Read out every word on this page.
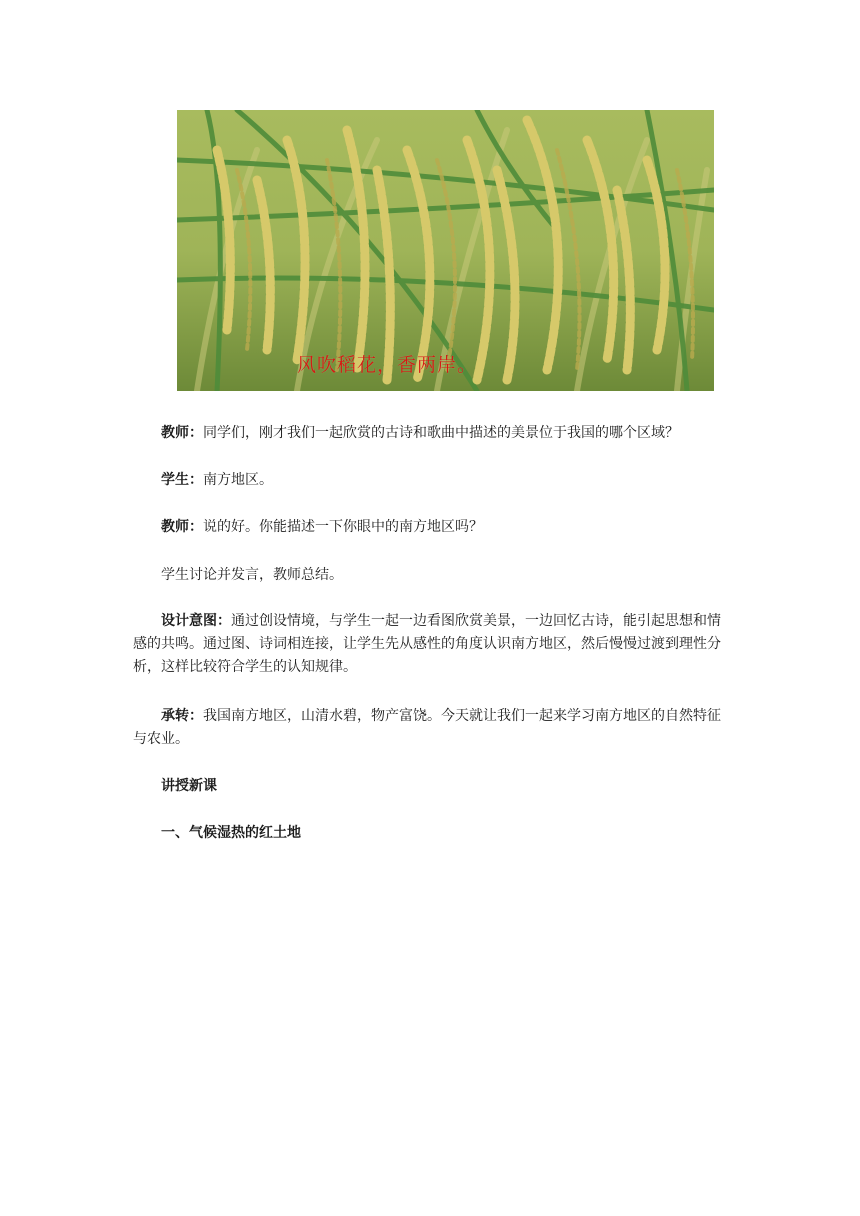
风吹稻花，香两岸。

教师：同学们，刚才我们一起欣赏的古诗和歌曲中描述的美景位于我国的哪个区域？

学生：南方地区。

教师：说的好。你能描述一下你眼中的南方地区吗？

学生讨论并发言，教师总结。

设计意图：通过创设情境，与学生一起一边看图欣赏美景，一边回忆古诗，能引起思想和情感的共鸣。通过图、诗词相连接，让学生先从感性的角度认识南方地区，然后慢慢过渡到理性分析，这样比较符合学生的认知规律。

承转：我国南方地区，山清水碧，物产富饶。今天就让我们一起来学习南方地区的自然特征与农业。

讲授新课

一、气候湿热的红土地
